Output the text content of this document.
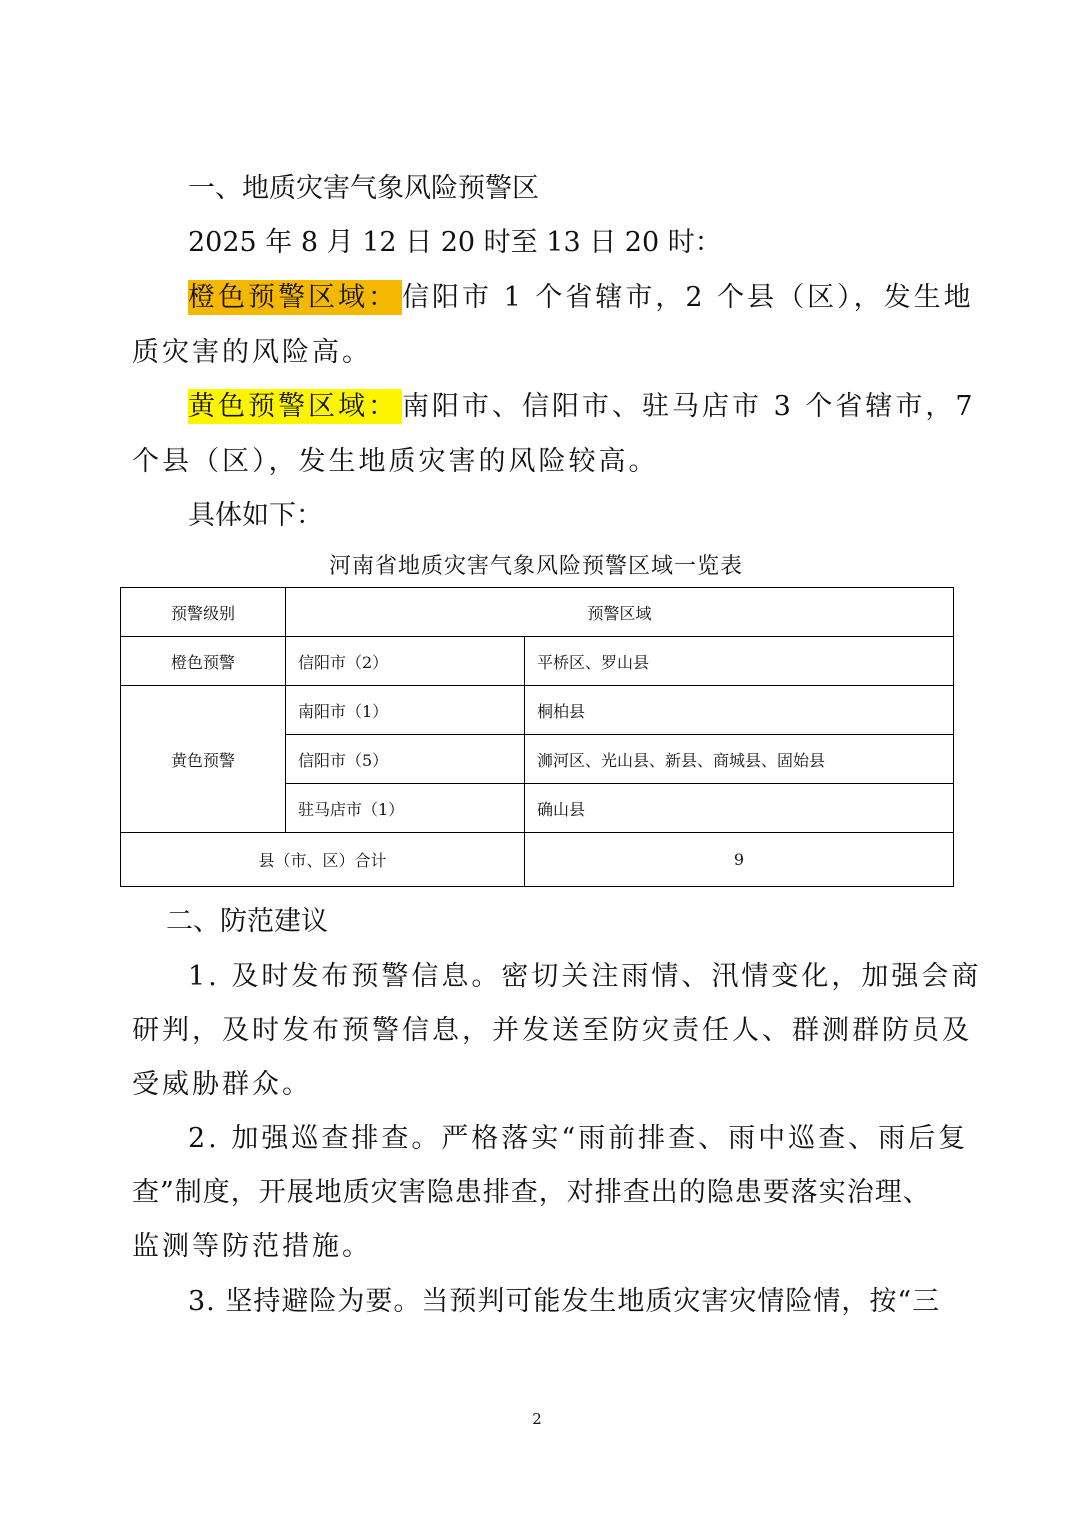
一、地质灾害气象风险预警区
2025 年 8 月 12 日 20 时至 13 日 20 时：
橙色预警区域： 信阳市 1 个省辖市，2 个县（区），发生地
质灾害的风险高。
黄色预警区域： 南阳市、信阳市、驻马店市 3 个省辖市，7
个县（区），发生地质灾害的风险较高。
具体如下：
河南省地质灾害气象风险预警区域一览表
预警级别	预警区域	
橙色预警	信阳市（2）	平桥区、罗山县
黄色预警	南阳市（1）	桐柏县
	信阳市（5）	浉河区、光山县、新县、商城县、固始县
	驻马店市（1）	确山县
县（市、区）合计		9
二、防范建议
1. 及时发布预警信息。密切关注雨情、汛情变化，加强会商
研判，及时发布预警信息，并发送至防灾责任人、群测群防员及
受威胁群众。
2. 加强巡查排查。严格落实“雨前排查、雨中巡查、雨后复
查”制度，开展地质灾害隐患排查，对排查出的隐患要落实治理、
监测等防范措施。
3. 坚持避险为要。当预判可能发生地质灾害灾情险情，按“三
2
